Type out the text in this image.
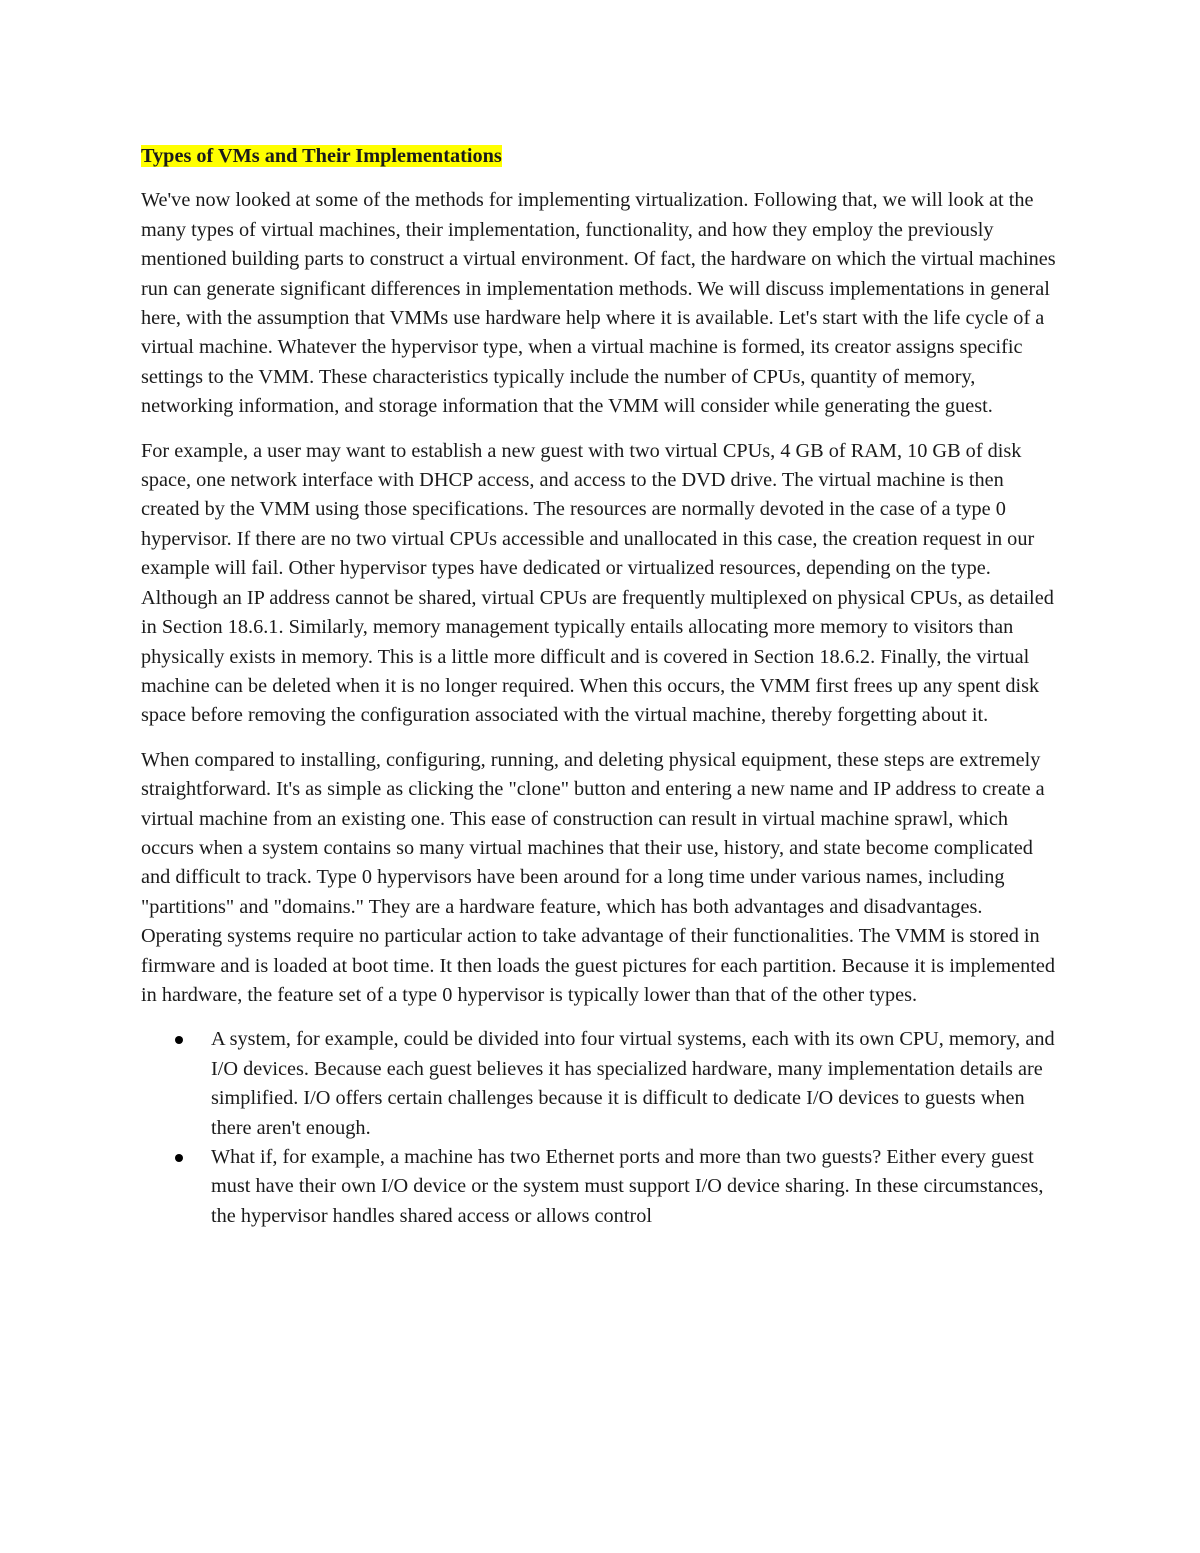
Types of VMs and Their Implementations

We've now looked at some of the methods for implementing virtualization. Following that, we will look at the many types of virtual machines, their implementation, functionality, and how they employ the previously mentioned building parts to construct a virtual environment. Of fact, the hardware on which the virtual machines run can generate significant differences in implementation methods. We will discuss implementations in general here, with the assumption that VMMs use hardware help where it is available. Let's start with the life cycle of a virtual machine. Whatever the hypervisor type, when a virtual machine is formed, its creator assigns specific settings to the VMM. These characteristics typically include the number of CPUs, quantity of memory, networking information, and storage information that the VMM will consider while generating the guest.

For example, a user may want to establish a new guest with two virtual CPUs, 4 GB of RAM, 10 GB of disk space, one network interface with DHCP access, and access to the DVD drive. The virtual machine is then created by the VMM using those specifications. The resources are normally devoted in the case of a type 0 hypervisor. If there are no two virtual CPUs accessible and unallocated in this case, the creation request in our example will fail. Other hypervisor types have dedicated or virtualized resources, depending on the type. Although an IP address cannot be shared, virtual CPUs are frequently multiplexed on physical CPUs, as detailed in Section 18.6.1. Similarly, memory management typically entails allocating more memory to visitors than physically exists in memory. This is a little more difficult and is covered in Section 18.6.2. Finally, the virtual machine can be deleted when it is no longer required. When this occurs, the VMM first frees up any spent disk space before removing the configuration associated with the virtual machine, thereby forgetting about it.

When compared to installing, configuring, running, and deleting physical equipment, these steps are extremely straightforward. It's as simple as clicking the "clone" button and entering a new name and IP address to create a virtual machine from an existing one. This ease of construction can result in virtual machine sprawl, which occurs when a system contains so many virtual machines that their use, history, and state become complicated and difficult to track. Type 0 hypervisors have been around for a long time under various names, including "partitions" and "domains." They are a hardware feature, which has both advantages and disadvantages. Operating systems require no particular action to take advantage of their functionalities. The VMM is stored in firmware and is loaded at boot time. It then loads the guest pictures for each partition. Because it is implemented in hardware, the feature set of a type 0 hypervisor is typically lower than that of the other types.

A system, for example, could be divided into four virtual systems, each with its own CPU, memory, and I/O devices. Because each guest believes it has specialized hardware, many implementation details are simplified. I/O offers certain challenges because it is difficult to dedicate I/O devices to guests when there aren't enough.
What if, for example, a machine has two Ethernet ports and more than two guests? Either every guest must have their own I/O device or the system must support I/O device sharing. In these circumstances, the hypervisor handles shared access or allows control
